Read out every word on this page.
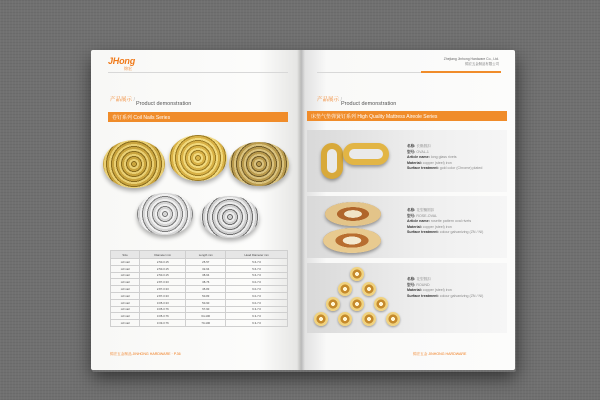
JHong
锦宏
产品展示 /
Product demonstration
卷钉系列 Coil Nails Series
Size	Diameter mm	Length mm	Head Diameter mm
roll nail	2.50-3.15	25-57	5.6-7.0
roll nail	2.50-3.15	32-64	5.6-7.0
roll nail	2.50-3.15	38-64	5.6-7.0
roll nail	2.87-3.33	38-76	6.0-7.0
roll nail	2.87-3.33	45-83	6.0-7.0
roll nail	2.87-3.33	50-83	6.0-7.0
roll nail	3.05-3.33	50-90	6.0-7.0
roll nail	3.05-3.76	57-90	6.3-7.0
roll nail	3.05-3.76	64-100	6.3-7.0
roll nail	3.33-3.76	70-100	6.3-7.0
锦宏五金制品 JINHONG HARDWARE · P.36
Zhejiang Jinhong Hardware Co., Ltd.
锦宏五金制品有限公司
产品展示 /
Product demonstration
床垫气垫弹簧钉系列 High Quality Mattress Aireole Series
名称: 长椭圆扣
型号: OVAL-1
Article name: long glass rivets
Material: copper (steel) iron
Surface treatment: gold color (Chrome) plated
名称: 花型椭圆扣
型号: ROSE-OVAL
Article name: rosette pattern oval rivets
Material: copper (steel) iron
Surface treatment: colour galvanizing (ZN / NI)
名称: 花型圆扣
型号: ROUND
Material: copper (steel) iron
Surface treatment: colour galvanizing (ZN / NI)
锦宏五金 JINHONG HARDWARE
